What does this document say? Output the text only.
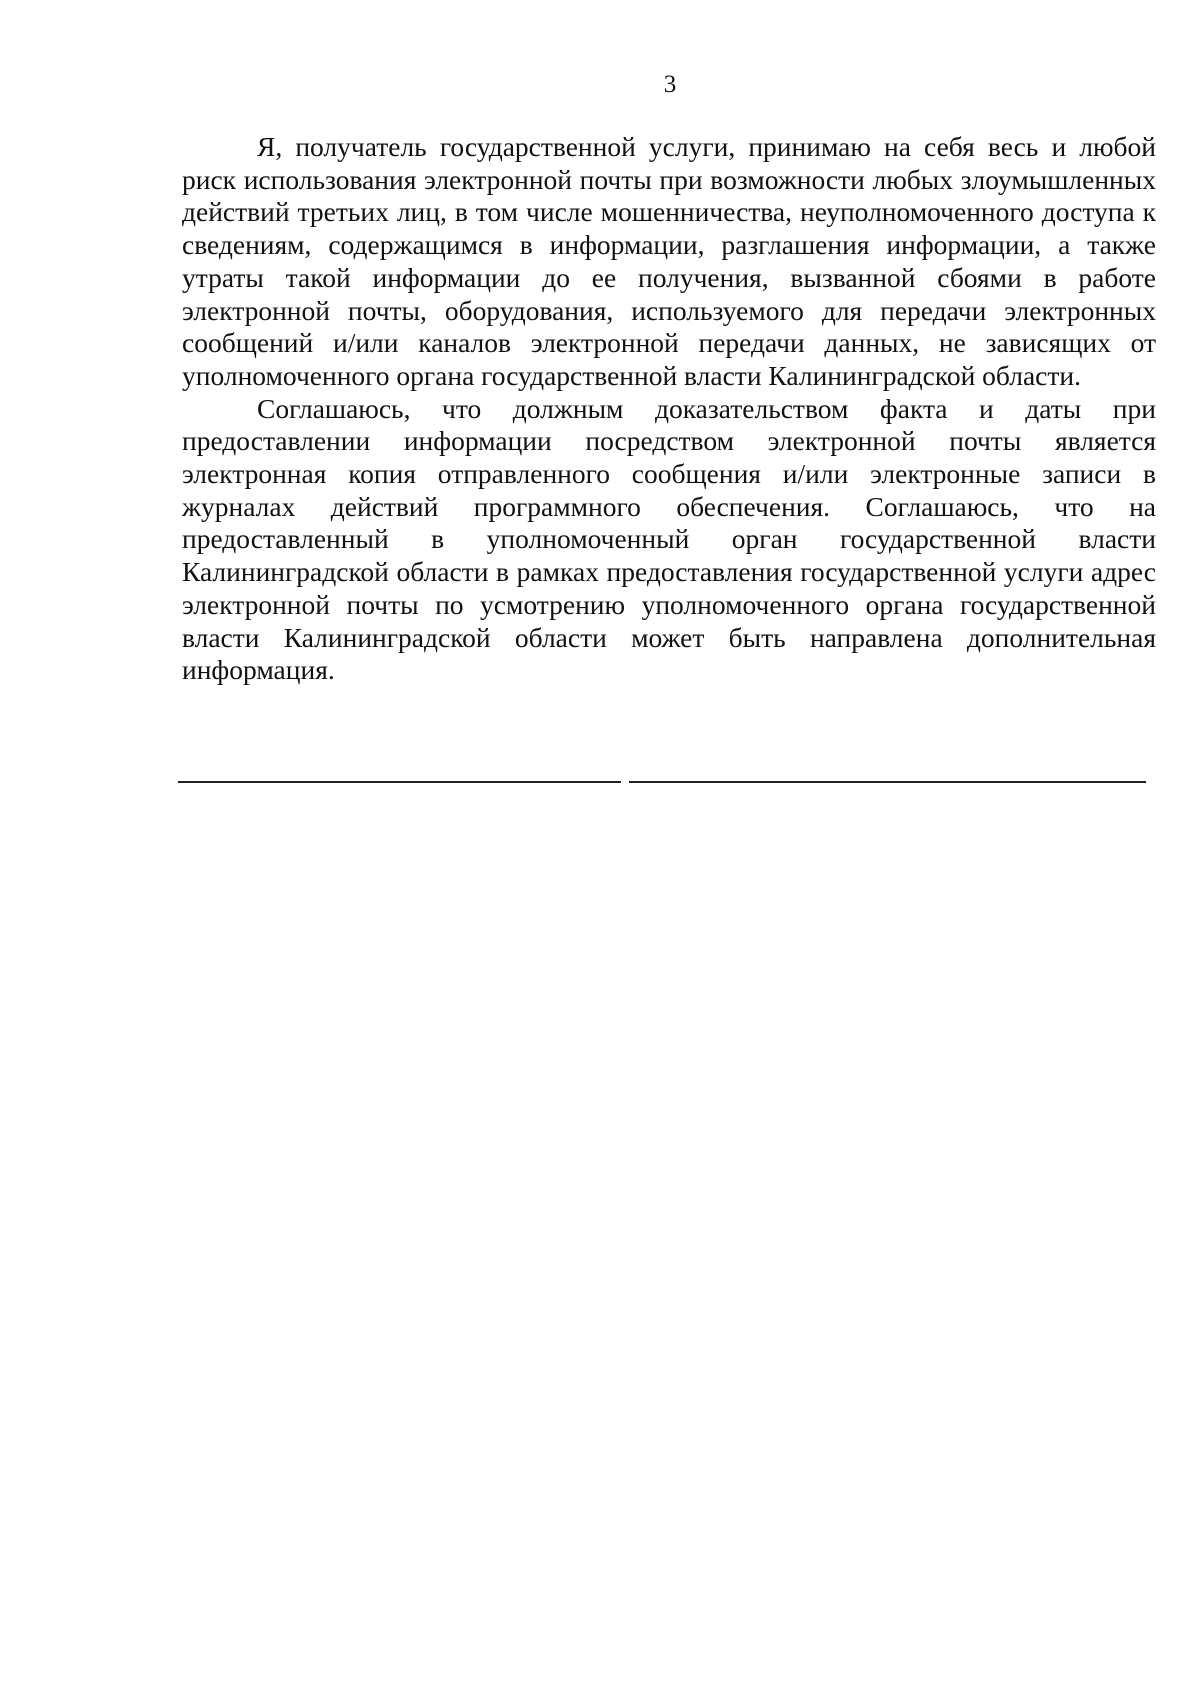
3

Я, получатель государственной услуги, принимаю на себя весь и любой риск использования электронной почты при возможности любых злоумышленных действий третьих лиц, в том числе мошенничества, неуполномоченного доступа к сведениям, содержащимся в информации, разглашения информации, а также утраты такой информации до ее получения, вызванной сбоями в работе электронной почты, оборудования, используемого для передачи электронных сообщений и/или каналов электронной передачи данных, не зависящих от уполномоченного органа государственной власти Калининградской области.

Соглашаюсь, что должным доказательством факта и даты при предоставлении информации посредством электронной почты является электронная копия отправленного сообщения и/или электронные записи в журналах действий программного обеспечения. Соглашаюсь, что на предоставленный в уполномоченный орган государственной власти Калининградской области в рамках предоставления государственной услуги адрес электронной почты по усмотрению уполномоченного органа государственной власти Калининградской области может быть направлена дополнительная информация.
